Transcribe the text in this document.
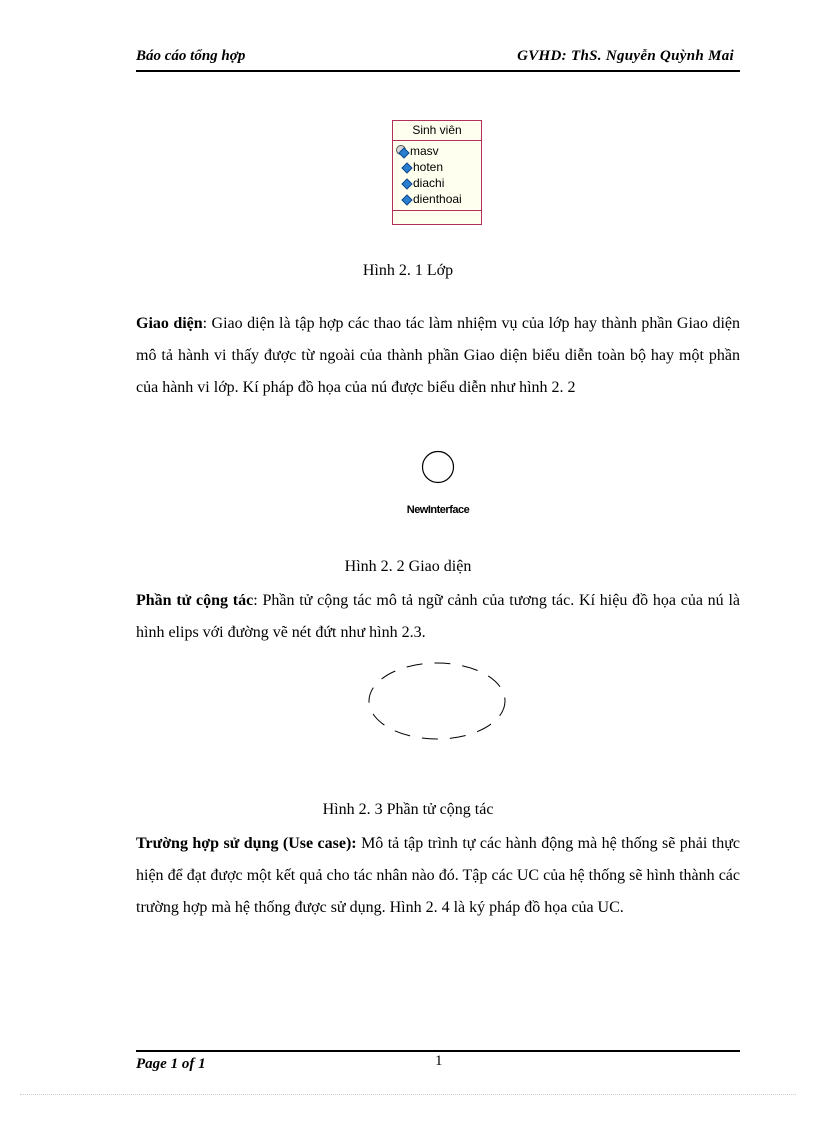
Báo cáo tổng hợp	GVHD: ThS. Nguyễn Quỳnh Mai
Sinh viên
masv
hoten
diachi
dienthoai
Hình 2. 1 Lớp
Giao diện: Giao diện là tập hợp các thao tác làm nhiệm vụ của lớp hay thành phần Giao diện mô tả hành vi thấy được từ ngoài của thành phần Giao diện biểu diễn toàn bộ hay một phần của hành vi lớp. Kí pháp đồ họa của nú được biểu diễn như hình 2. 2
NewInterface
Hình 2. 2 Giao diện
Phần tử cộng tác: Phần tử cộng tác mô tả ngữ cảnh của tương tác. Kí hiệu đồ họa của nú là hình elips với đường vẽ nét đứt như hình 2.3.
Hình 2. 3 Phần tử cộng tác
Trường hợp sử dụng (Use case): Mô tả tập trình tự các hành động mà hệ thống sẽ phải thực hiện để đạt được một kết quả cho tác nhân nào đó. Tập các UC của hệ thống sẽ hình thành các trường hợp mà hệ thống được sử dụng. Hình 2. 4 là ký pháp đồ họa của UC.
Page 1 of 1	1
